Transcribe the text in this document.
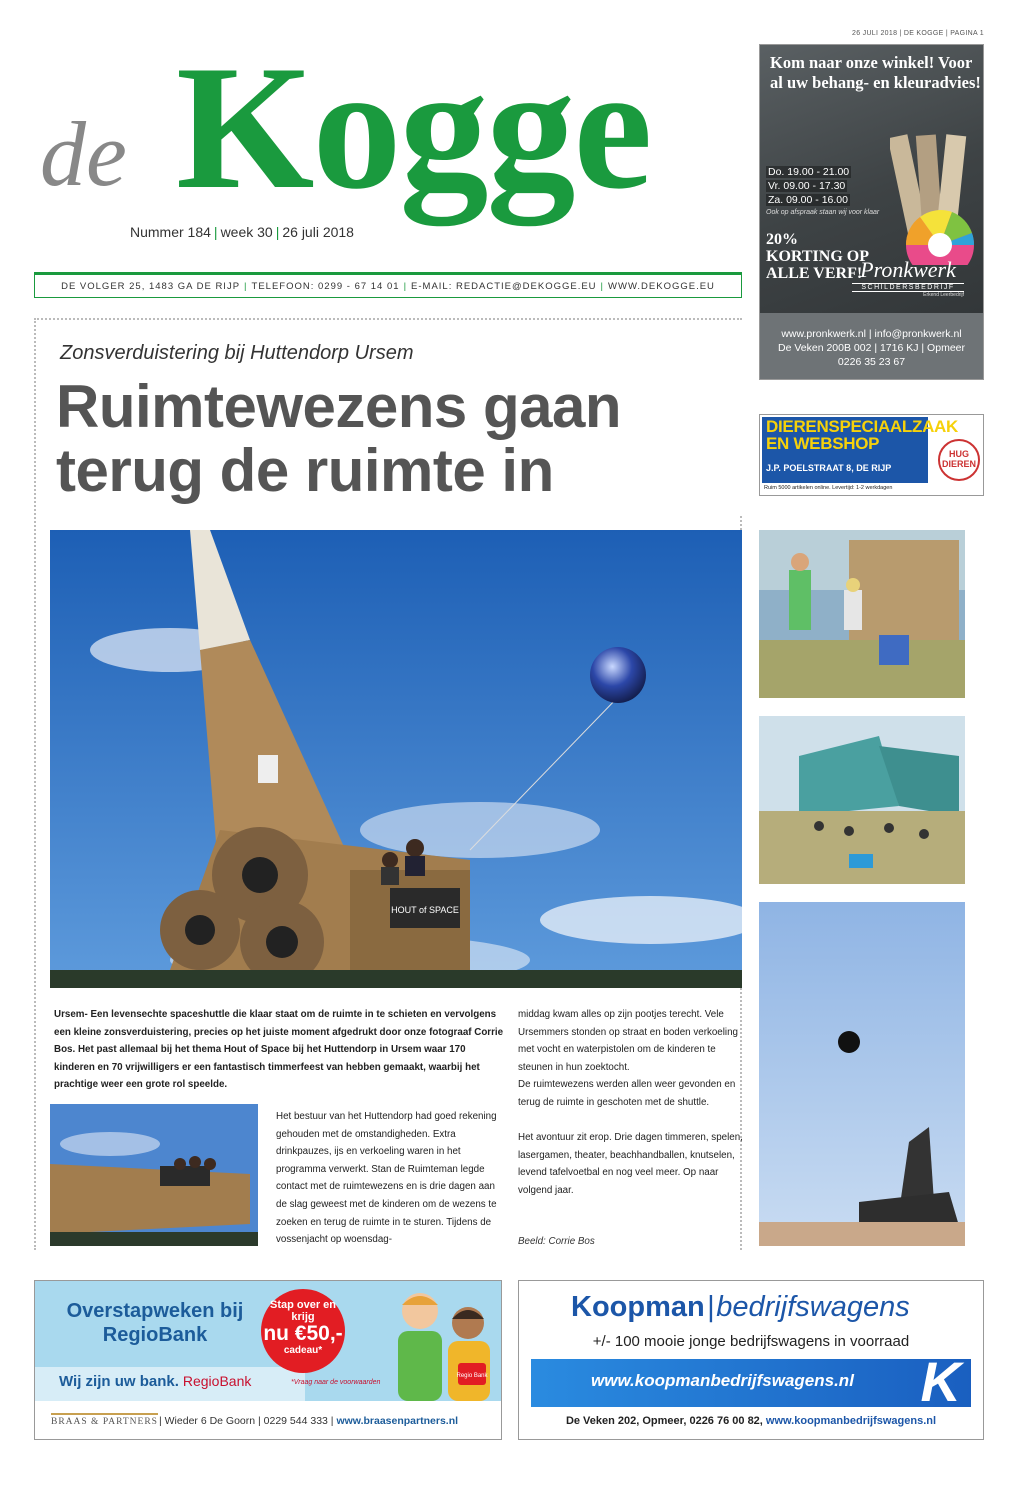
26 JULI 2018 | DE KOGGE | PAGINA 1
de Kogge
Nummer 184 | week 30 | 26 juli 2018
DE VOLGER 25, 1483 GA DE RIJP | TELEFOON: 0299 - 67 14 01 | E-MAIL: REDACTIE@DEKOGGE.EU | WWW.DEKOGGE.EU
Zonsverduistering bij Huttendorp Ursem
Ruimtewezens gaan terug de ruimte in
HOUT of SPACE

Ursem- Een levensechte spaceshuttle die klaar staat om de ruimte in te schieten en vervolgens een kleine zonsverduistering, precies op het juiste moment afgedrukt door onze fotograaf Corrie Bos. Het past allemaal bij het thema Hout of Space bij het Huttendorp in Ursem waar 170 kinderen en 70 vrijwilligers er een fantastisch timmerfeest van hebben gemaakt, waarbij het prachtige weer een grote rol speelde.

Het bestuur van het Huttendorp had goed rekening gehouden met de omstandigheden. Extra drinkpauzes, ijs en verkoeling waren in het programma verwerkt. Stan de Ruimteman legde contact met de ruimtewezens en is drie dagen aan de slag geweest met de kinderen om de wezens te zoeken en terug de ruimte in te sturen. Tijdens de vossenjacht op woensdag-

middag kwam alles op zijn pootjes terecht. Vele Ursemmers stonden op straat en boden verkoeling met vocht en waterpistolen om de kinderen te steunen in hun zoektocht.

De ruimtewezens werden allen weer gevonden en terug de ruimte in geschoten met de shuttle.

Het avontuur zit erop. Drie dagen timmeren, spelen, lasergamen, theater, beachhandballen, knutselen, levend tafelvoetbal en nog veel meer. Op naar volgend jaar.

Beeld: Corrie Bos
Kom naar onze winkel! Voor al uw behang- en kleuradvies!
Do. 19.00 - 21.00
Vr. 09.00 - 17.30
Za. 09.00 - 16.00
Ook op afspraak staan wij voor klaar
20% KORTING OP ALLE VERF!
Pronkwerk
SCHILDERSBEDRIJF
Erkend Leerbedrijf
www.pronkwerk.nl | info@pronkwerk.nl
De Veken 200B 002 | 1716 KJ | Opmeer
0226 35 23 67
DIERENSPECIAALZAAK EN WEBSHOP
J.P. POELSTRAAT 8, DE RIJP
Ruim 5000 artikelen online. Levertijd: 1-2 werkdagen
HUG DIEREN
Overstapweken bij RegioBank
Wij zijn uw bank. RegioBank
Stap over en krijg
nu €50,-
cadeau*
*Vraag naar de voorwaarden
Regio Bank
BRAAS & PARTNERS | Wieder 6 De Goorn | 0229 544 333 | www.braasenpartners.nl
Koopman|bedrijfswagens
+/- 100 mooie jonge bedrijfswagens in voorraad
www.koopmanbedrijfswagens.nl K
De Veken 202, Opmeer, 0226 76 00 82, www.koopmanbedrijfswagens.nl
